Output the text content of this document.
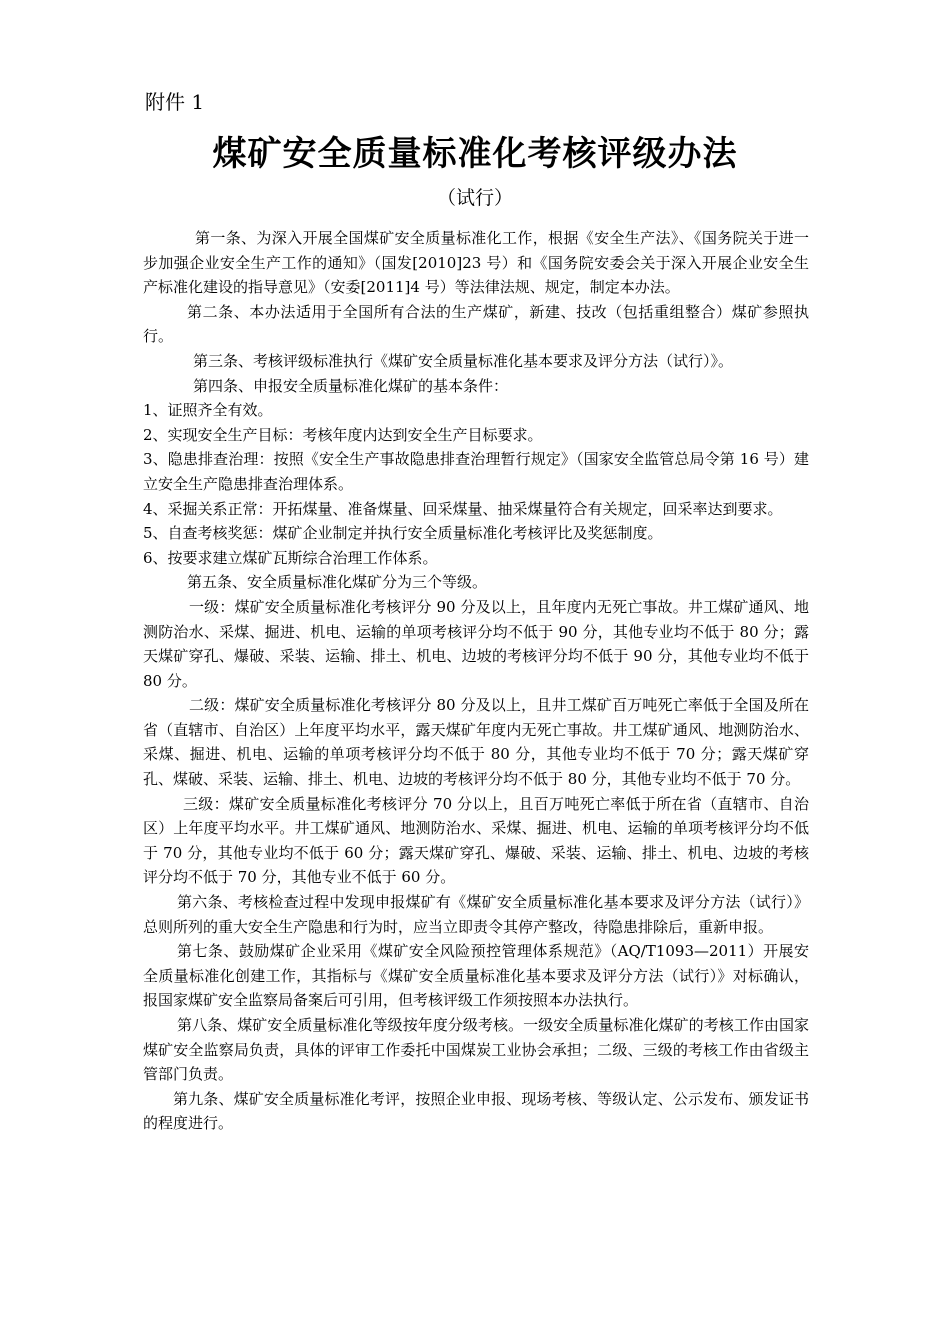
附件 1
煤矿安全质量标准化考核评级办法
（试行）

第一条、为深入开展全国煤矿安全质量标准化工作，根据《安全生产法》、《国务院关于进一步加强企业安全生产工作的通知》（国发[2010]23 号）和《国务院安委会关于深入开展企业安全生产标准化建设的指导意见》（安委[2011]4 号）等法律法规、规定，制定本办法。

第二条、本办法适用于全国所有合法的生产煤矿，新建、技改（包括重组整合）煤矿参照执行。

第三条、考核评级标准执行《煤矿安全质量标准化基本要求及评分方法（试行）》。

第四条、申报安全质量标准化煤矿的基本条件：

1、证照齐全有效。

2、实现安全生产目标：考核年度内达到安全生产目标要求。

3、隐患排查治理：按照《安全生产事故隐患排查治理暂行规定》（国家安全监管总局令第 16 号）建立安全生产隐患排查治理体系。

4、采掘关系正常：开拓煤量、准备煤量、回采煤量、抽采煤量符合有关规定，回采率达到要求。

5、自查考核奖惩：煤矿企业制定并执行安全质量标准化考核评比及奖惩制度。

6、按要求建立煤矿瓦斯综合治理工作体系。

第五条、安全质量标准化煤矿分为三个等级。

一级：煤矿安全质量标准化考核评分 90 分及以上，且年度内无死亡事故。井工煤矿通风、地测防治水、采煤、掘进、机电、运输的单项考核评分均不低于 90 分，其他专业均不低于 80 分；露天煤矿穿孔、爆破、采装、运输、排土、机电、边坡的考核评分均不低于 90 分，其他专业均不低于 80 分。

二级：煤矿安全质量标准化考核评分 80 分及以上，且井工煤矿百万吨死亡率低于全国及所在省（直辖市、自治区）上年度平均水平，露天煤矿年度内无死亡事故。井工煤矿通风、地测防治水、采煤、掘进、机电、运输的单项考核评分均不低于 80 分，其他专业均不低于 70 分；露天煤矿穿孔、煤破、采装、运输、排土、机电、边坡的考核评分均不低于 80 分，其他专业均不低于 70 分。

三级：煤矿安全质量标准化考核评分 70 分以上，且百万吨死亡率低于所在省（直辖市、自治区）上年度平均水平。井工煤矿通风、地测防治水、采煤、掘进、机电、运输的单项考核评分均不低于 70 分，其他专业均不低于 60 分；露天煤矿穿孔、爆破、采装、运输、排土、机电、边坡的考核评分均不低于 70 分，其他专业不低于 60 分。

第六条、考核检查过程中发现申报煤矿有《煤矿安全质量标准化基本要求及评分方法（试行）》总则所列的重大安全生产隐患和行为时，应当立即责令其停产整改，待隐患排除后，重新申报。

第七条、鼓励煤矿企业采用《煤矿安全风险预控管理体系规范》（AQ/T1093—2011）开展安全质量标准化创建工作，其指标与《煤矿安全质量标准化基本要求及评分方法（试行）》对标确认，报国家煤矿安全监察局备案后可引用，但考核评级工作须按照本办法执行。

第八条、煤矿安全质量标准化等级按年度分级考核。一级安全质量标准化煤矿的考核工作由国家煤矿安全监察局负责，具体的评审工作委托中国煤炭工业协会承担；二级、三级的考核工作由省级主管部门负责。

第九条、煤矿安全质量标准化考评，按照企业申报、现场考核、等级认定、公示发布、颁发证书的程度进行。
